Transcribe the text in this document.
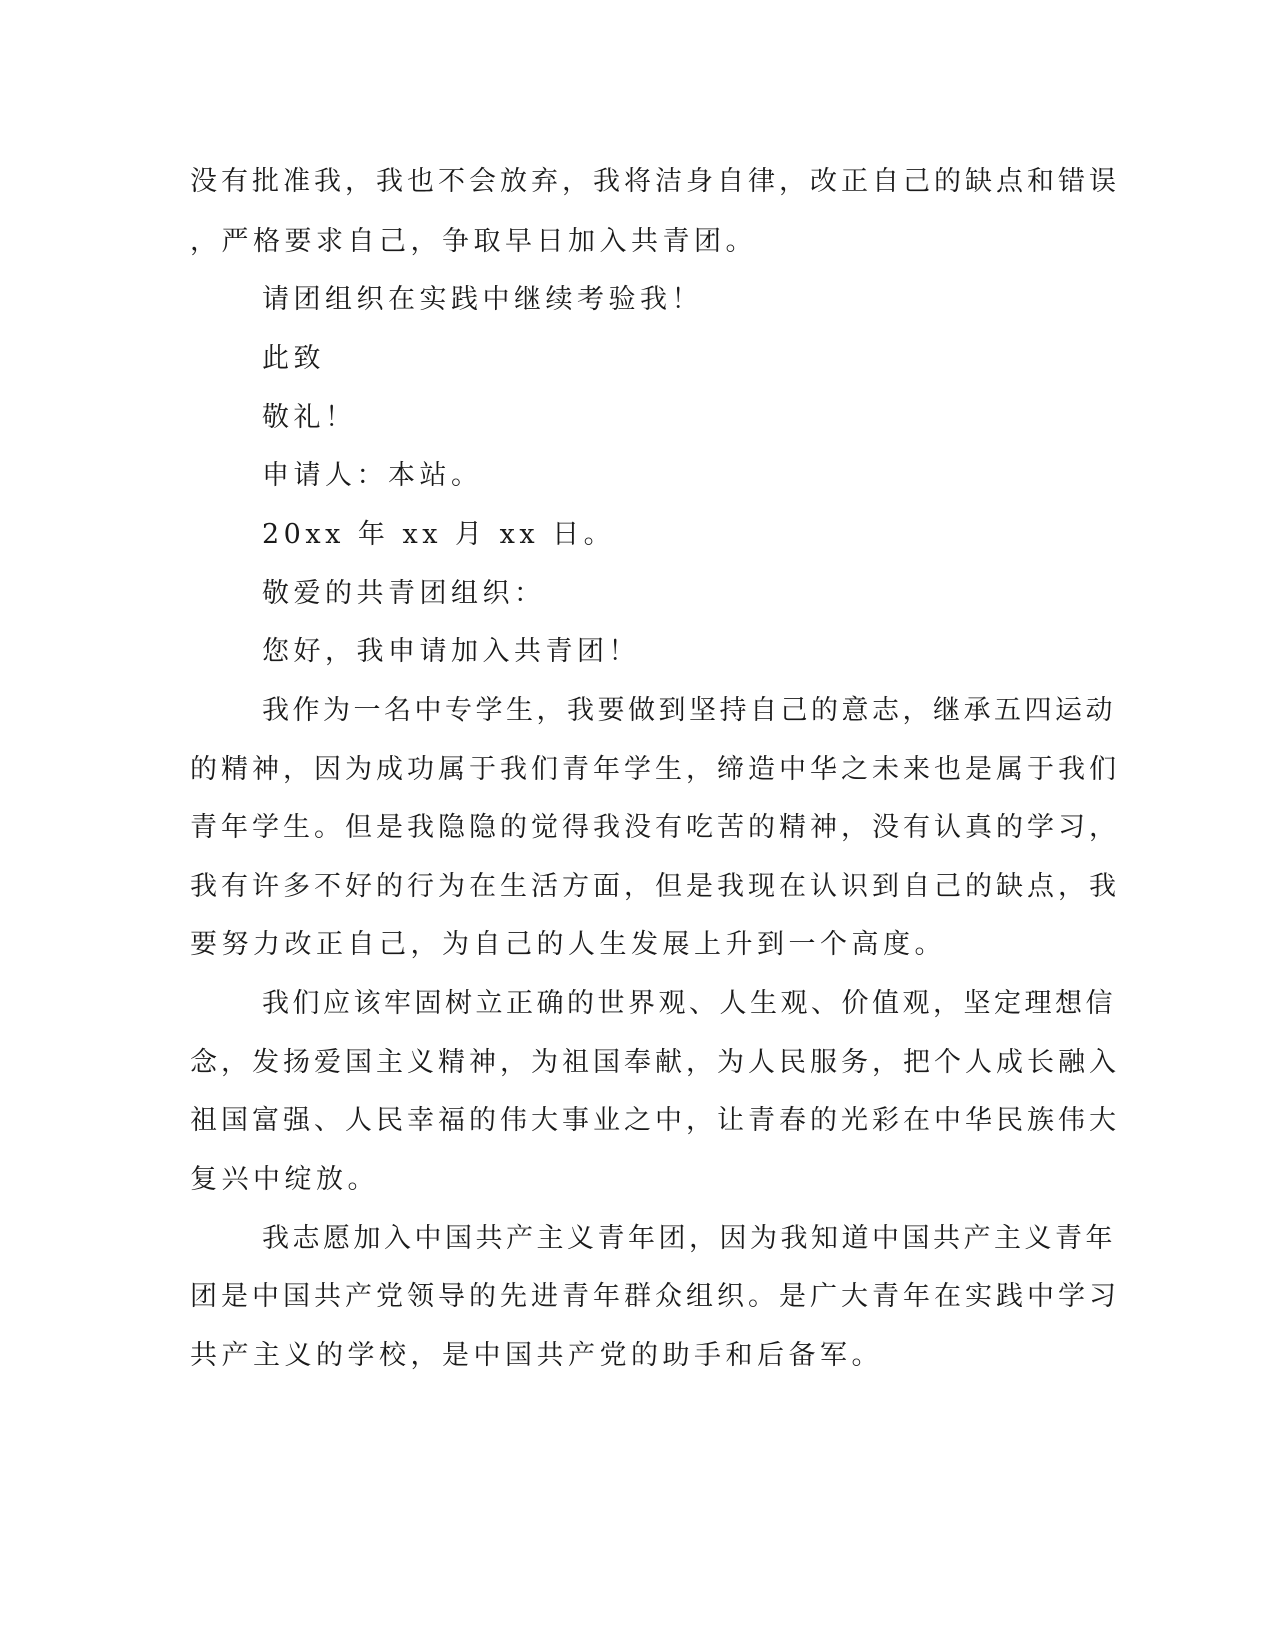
没有批准我，我也不会放弃，我将洁身自律，改正自己的缺点和错误
，严格要求自己，争取早日加入共青团。
请团组织在实践中继续考验我！
此致
敬礼！
申请人：本站。
20xx 年 xx 月 xx 日。
敬爱的共青团组织：
您好，我申请加入共青团！
我作为一名中专学生，我要做到坚持自己的意志，继承五四运动
的精神，因为成功属于我们青年学生，缔造中华之未来也是属于我们
青年学生。但是我隐隐的觉得我没有吃苦的精神，没有认真的学习，
我有许多不好的行为在生活方面，但是我现在认识到自己的缺点，我
要努力改正自己，为自己的人生发展上升到一个高度。
我们应该牢固树立正确的世界观、人生观、价值观，坚定理想信
念，发扬爱国主义精神，为祖国奉献，为人民服务，把个人成长融入
祖国富强、人民幸福的伟大事业之中，让青春的光彩在中华民族伟大
复兴中绽放。
我志愿加入中国共产主义青年团，因为我知道中国共产主义青年
团是中国共产党领导的先进青年群众组织。是广大青年在实践中学习
共产主义的学校，是中国共产党的助手和后备军。
